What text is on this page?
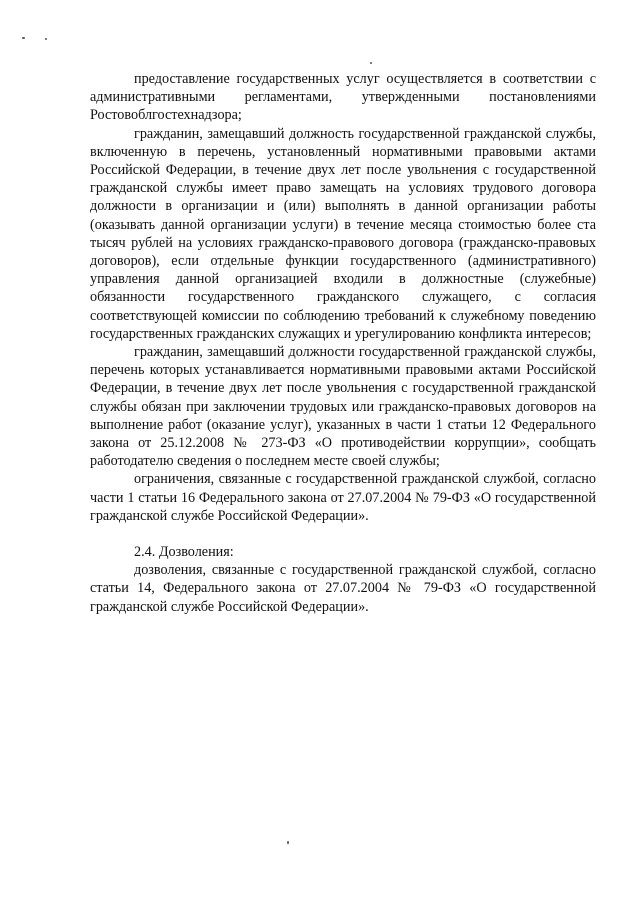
предоставление государственных услуг осуществляется в соответствии с административными регламентами, утвержденными постановлениями Ростовоблгостехнадзора;

гражданин, замещавший должность государственной гражданской службы, включенную в перечень, установленный нормативными правовыми актами Российской Федерации, в течение двух лет после увольнения с государственной гражданской службы имеет право замещать на условиях трудового договора должности в организации и (или) выполнять в данной организации работы (оказывать данной организации услуги) в течение месяца стоимостью более ста тысяч рублей на условиях гражданско-правового договора (гражданско-правовых договоров), если отдельные функции государственного (административного) управления данной организацией входили в должностные (служебные) обязанности государственного гражданского служащего, с согласия соответствующей комиссии по соблюдению требований к служебному поведению государственных гражданских служащих и урегулированию конфликта интересов;

гражданин, замещавший должности государственной гражданской службы, перечень которых устанавливается нормативными правовыми актами Российской Федерации, в течение двух лет после увольнения с государственной гражданской службы обязан при заключении трудовых или гражданско-правовых договоров на выполнение работ (оказание услуг), указанных в части 1 статьи 12 Федерального закона от 25.12.2008 № 273-ФЗ «О противодействии коррупции», сообщать работодателю сведения о последнем месте своей службы;

ограничения, связанные с государственной гражданской службой, согласно части 1 статьи 16 Федерального закона от 27.07.2004 № 79-ФЗ «О государственной гражданской службе Российской Федерации».

2.4. Дозволения:

дозволения, связанные с государственной гражданской службой, согласно статьи 14, Федерального закона от 27.07.2004 № 79-ФЗ «О государственной гражданской службе Российской Федерации».
